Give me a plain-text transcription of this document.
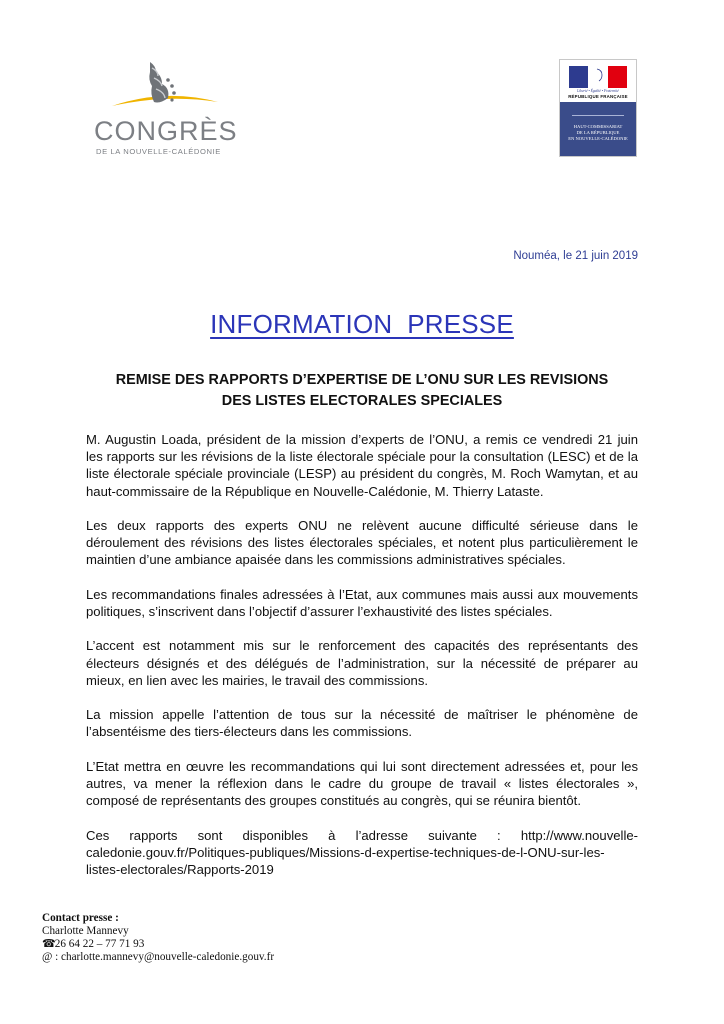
CONGRÈS
DE LA NOUVELLE-CALÉDONIE
Liberté • Égalité • Fraternité
RÉPUBLIQUE FRANÇAISE
HAUT-COMMISSARIAT
DE LA RÉPUBLIQUE
EN NOUVELLE-CALÉDONIE
Nouméa, le 21 juin 2019
INFORMATION  PRESSE
REMISE DES RAPPORTS D’EXPERTISE DE L’ONU SUR LES REVISIONS
DES LISTES ELECTORALES SPECIALES
M. Augustin Loada, président de la mission d’experts de l’ONU, a remis ce vendredi 21 juin
les rapports sur les révisions de la liste électorale spéciale pour la consultation (LESC) et de la
liste électorale spéciale provinciale (LESP) au président du congrès, M. Roch Wamytan, et au
haut-commissaire de la République en Nouvelle-Calédonie, M. Thierry Lataste.
Les deux rapports des experts ONU ne relèvent aucune difficulté sérieuse dans le
déroulement des révisions des listes électorales spéciales, et notent plus particulièrement le
maintien d’une ambiance apaisée dans les commissions administratives spéciales.
Les recommandations finales adressées à l’Etat, aux communes mais aussi aux mouvements
politiques, s’inscrivent dans l’objectif d’assurer l’exhaustivité des listes spéciales.
L’accent est notamment mis sur le renforcement des capacités des représentants des
électeurs désignés et des délégués de l’administration, sur la nécessité de préparer au
mieux, en lien avec les mairies, le travail des commissions.
La mission appelle l’attention de tous sur la nécessité de maîtriser le phénomène de
l’absentéisme des tiers-électeurs dans les commissions.
L’Etat mettra en œuvre les recommandations qui lui sont directement adressées et, pour les
autres, va mener la réflexion dans le cadre du groupe de travail « listes électorales »,
composé de représentants des groupes constitués au congrès, qui se réunira bientôt.
Ces rapports sont disponibles à l’adresse suivante : http://www.nouvelle-
caledonie.gouv.fr/Politiques-publiques/Missions-d-expertise-techniques-de-l-ONU-sur-les-
listes-electorales/Rapports-2019
Contact presse :
Charlotte Mannevy
☎ 26 64 22 – 77 71 93
@ : charlotte.mannevy@nouvelle-caledonie.gouv.fr
